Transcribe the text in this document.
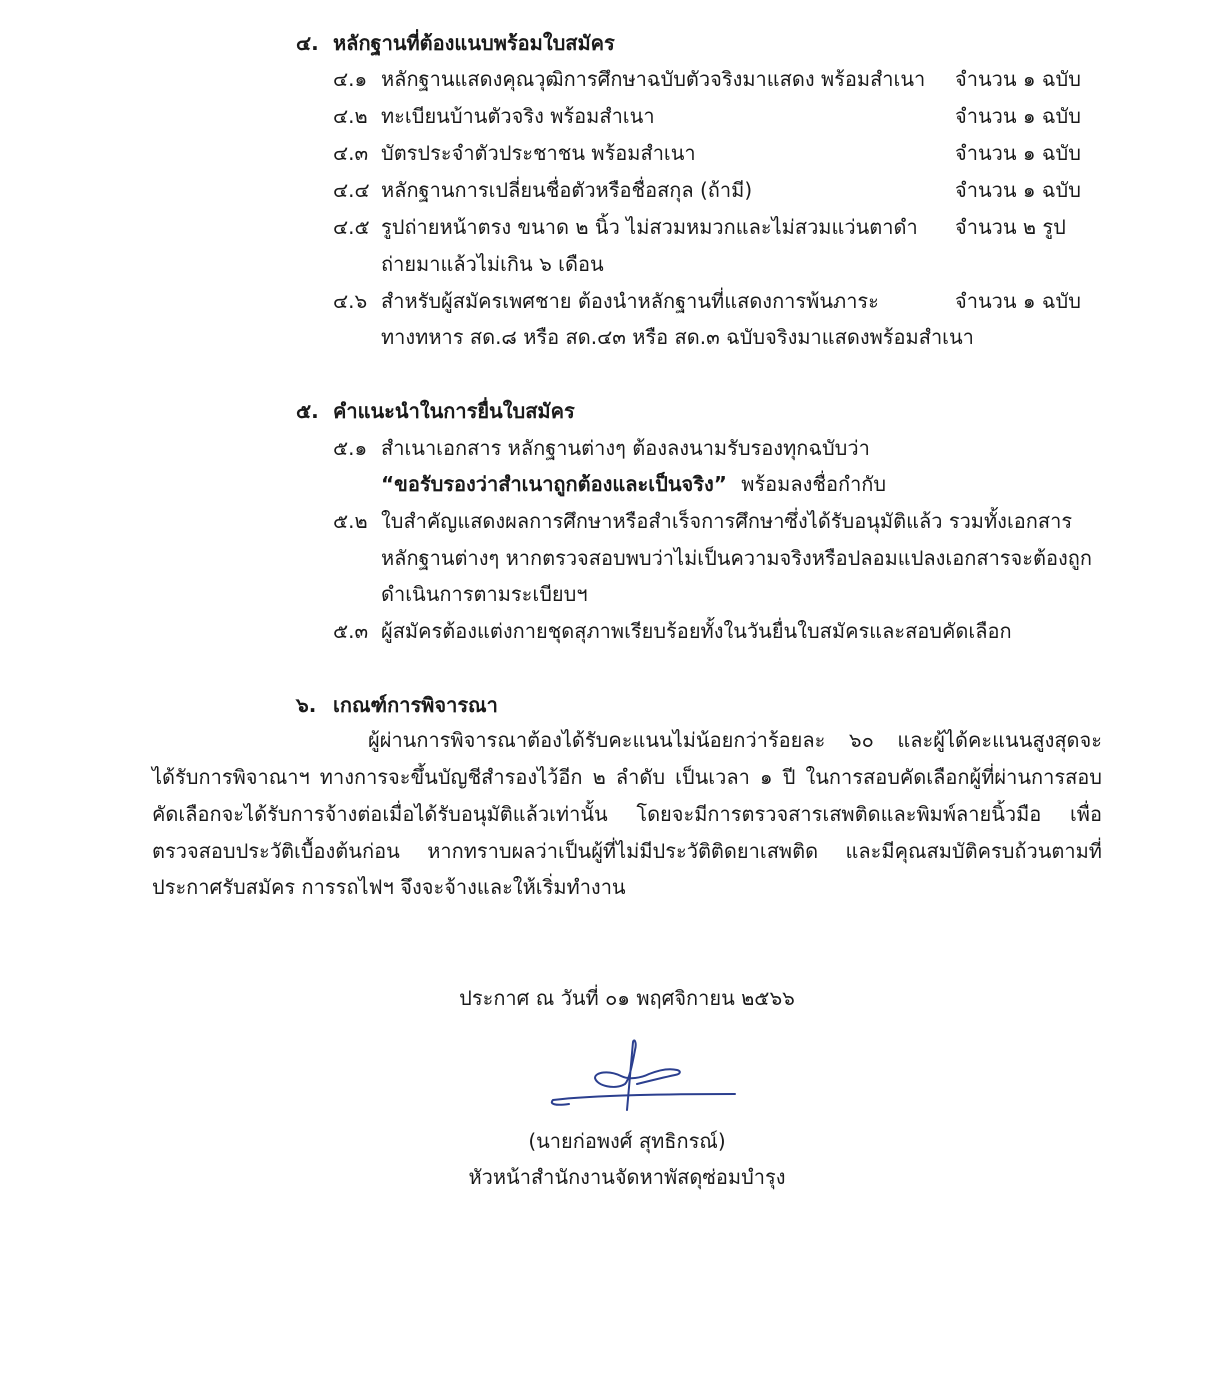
๔. หลักฐานที่ต้องแนบพร้อมใบสมัคร
๔.๑ หลักฐานแสดงคุณวุฒิการศึกษาฉบับตัวจริงมาแสดง พร้อมสำเนา จำนวน ๑ ฉบับ
๔.๒ ทะเบียนบ้านตัวจริง พร้อมสำเนา	จำนวน ๑ ฉบับ
๔.๓ บัตรประจำตัวประชาชน พร้อมสำเนา	จำนวน ๑ ฉบับ
๔.๔ หลักฐานการเปลี่ยนชื่อตัวหรือชื่อสกุล (ถ้ามี)	จำนวน ๑ ฉบับ
๔.๕ รูปถ่ายหน้าตรง ขนาด ๒ นิ้ว ไม่สวมหมวกและไม่สวมแว่นตาดำ จำนวน ๒ รูป
ถ่ายมาแล้วไม่เกิน ๖ เดือน
๔.๖ สำหรับผู้สมัครเพศชาย ต้องนำหลักฐานที่แสดงการพ้นภาระ	จำนวน ๑ ฉบับ
ทางทหาร สด.๘ หรือ สด.๔๓ หรือ สด.๓ ฉบับจริงมาแสดงพร้อมสำเนา
๕. คำแนะนำในการยื่นใบสมัคร
๕.๑ สำเนาเอกสาร หลักฐานต่างๆ ต้องลงนามรับรองทุกฉบับว่า
“ขอรับรองว่าสำเนาถูกต้องและเป็นจริง” พร้อมลงชื่อกำกับ
๕.๒ ใบสำคัญแสดงผลการศึกษาหรือสำเร็จการศึกษาซึ่งได้รับอนุมัติแล้ว รวมทั้งเอกสาร
หลักฐานต่างๆ หากตรวจสอบพบว่าไม่เป็นความจริงหรือปลอมแปลงเอกสารจะต้องถูก
ดำเนินการตามระเบียบฯ
๕.๓ ผู้สมัครต้องแต่งกายชุดสุภาพเรียบร้อยทั้งในวันยื่นใบสมัครและสอบคัดเลือก
๖. เกณฑ์การพิจารณา
ผู้ผ่านการพิจารณาต้องได้รับคะแนนไม่น้อยกว่าร้อยละ ๖๐ และผู้ได้คะแนนสูงสุดจะ
ได้รับการพิจาณาฯ ทางการจะขึ้นบัญชีสำรองไว้อีก ๒ ลำดับ เป็นเวลา ๑ ปี ในการสอบคัดเลือกผู้ที่ผ่านการสอบ
คัดเลือกจะได้รับการจ้างต่อเมื่อได้รับอนุมัติแล้วเท่านั้น โดยจะมีการตรวจสารเสพติดและพิมพ์ลายนิ้วมือ เพื่อ
ตรวจสอบประวัติเบื้องต้นก่อน หากทราบผลว่าเป็นผู้ที่ไม่มีประวัติติดยาเสพติด และมีคุณสมบัติครบถ้วนตามที่
ประกาศรับสมัคร การรถไฟฯ จึงจะจ้างและให้เริ่มทำงาน
ประกาศ ณ วันที่ ๐๑ พฤศจิกายน ๒๕๖๖
(นายก่อพงศ์ สุทธิกรณ์)
หัวหน้าสำนักงานจัดหาพัสดุซ่อมบำรุง
